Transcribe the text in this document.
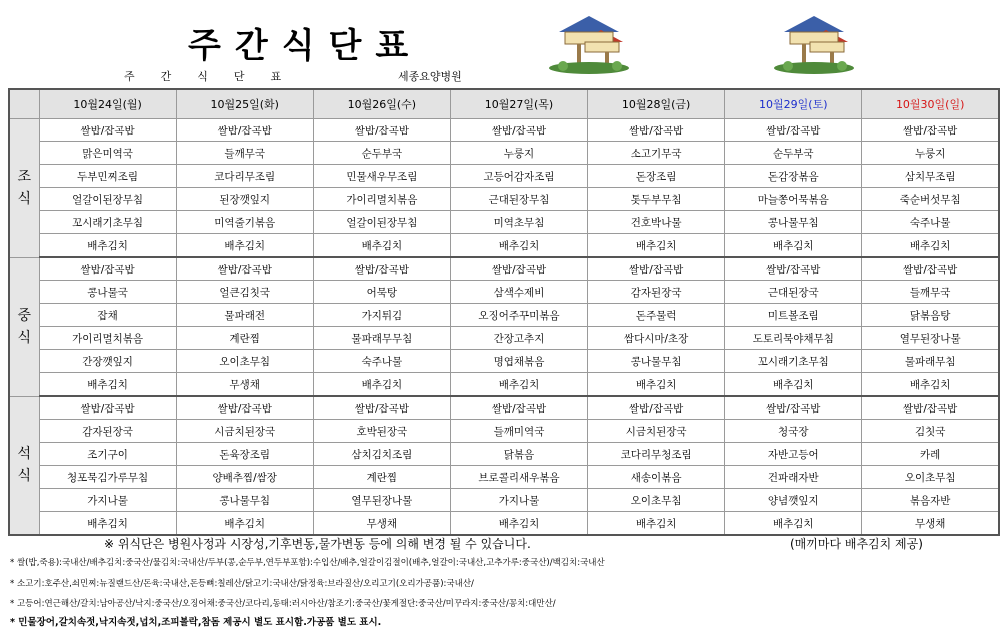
주간식단표
주간식단표	세종요양병원
	10월24일(월)	10월25일(화)	10월26일(수)	10월27일(목)	10월28일(금)	10월29일(토)	10월30일(일)
조
식	쌀밥/잡곡밥	쌀밥/잡곡밥	쌀밥/잡곡밥	쌀밥/잡곡밥	쌀밥/잡곡밥	쌀밥/잡곡밥	쌀밥/잡곡밥
	맑은미역국	들깨무국	순두부국	누룽지	소고기무국	순두부국	누룽지
	두부민찌조림	코다리무조림	민물새우무조림	고등어감자조림	돈장조림	돈감장볶음	삼치무조림
	얼갈이된장무침	된장깻잎지	가이리멸치볶음	근대된장무침	톳두부무침	마늘쫑어묵볶음	죽순버섯무침
	꼬시래기초무침	미역줄기볶음	얼갈이된장무침	미역초무침	건호박나물	콩나물무침	숙주나물
	배추김치	배추김치	배추김치	배추김치	배추김치	배추김치	배추김치
중
식	쌀밥/잡곡밥	쌀밥/잡곡밥	쌀밥/잡곡밥	쌀밥/잡곡밥	쌀밥/잡곡밥	쌀밥/잡곡밥	쌀밥/잡곡밥
	콩나물국	얼큰김칫국	어묵탕	삼색수제비	감자된장국	근대된장국	들깨무국
	잡채	물파래전	가지튀김	오징어주꾸미볶음	돈주물럭	미트볼조림	닭볶음탕
	가이리멸치볶음	계란찜	물파래무무침	간장고추지	쌈다시마/초장	도토리묵야채무침	열무된장나물
	간장깻잎지	오이초무침	숙주나물	명엽채볶음	콩나물무침	꼬시래기초무침	물파래무침
	배추김치	무생채	배추김치	배추김치	배추김치	배추김치	배추김치
석
식	쌀밥/잡곡밥	쌀밥/잡곡밥	쌀밥/잡곡밥	쌀밥/잡곡밥	쌀밥/잡곡밥	쌀밥/잡곡밥	쌀밥/잡곡밥
	감자된장국	시금치된장국	호박된장국	들깨미역국	시금치된장국	청국장	김칫국
	조기구이	돈육장조림	삼치김치조림	닭볶음	코다리무청조림	자반고등어	카레
	청포묵김가루무침	양배추찜/쌈장	계란찜	브로콜리새우볶음	새송이볶음	건파래자반	오이초무침
	가지나물	콩나물무침	열무된장나물	가지나물	오이초무침	양념깻잎지	볶음자반
	배추김치	배추김치	무생채	배추김치	배추김치	배추김치	무생채
※ 위식단은 병원사정과 시장성,기후변동,물가변동 등에 의해 변경 될 수 있습니다.	(매끼마다 배추김치 제공)
* 쌀(밥,죽용):국내산/배추김치:중국산/물김치:국내산/두부(콩,순두부,연두부포함):수입산/배추,얼갈이김절이(배추,얼갈이:국내산,고추가루:중국산)/백김치:국내산
* 소고기:호주산,쇠민찌:뉴질랜드산/돈육:국내산,돈등뼈:칠레산/닭고기:국내산/닭정육:브라질산/오리고기(오리가공품):국내산/
* 고등어:연근해산/갈치:남아공산/낙지:중국산/오징어채:중국산/코다리,동태:러시아산/참조기:중국산/꽃게절단:중국산/미꾸라지:중국산/꽁치:대만산/
* 민물장어,갈치속젓,낙지속젓,넙치,조피볼락,참돔 제공시 별도 표시함.가공품 별도 표시.
